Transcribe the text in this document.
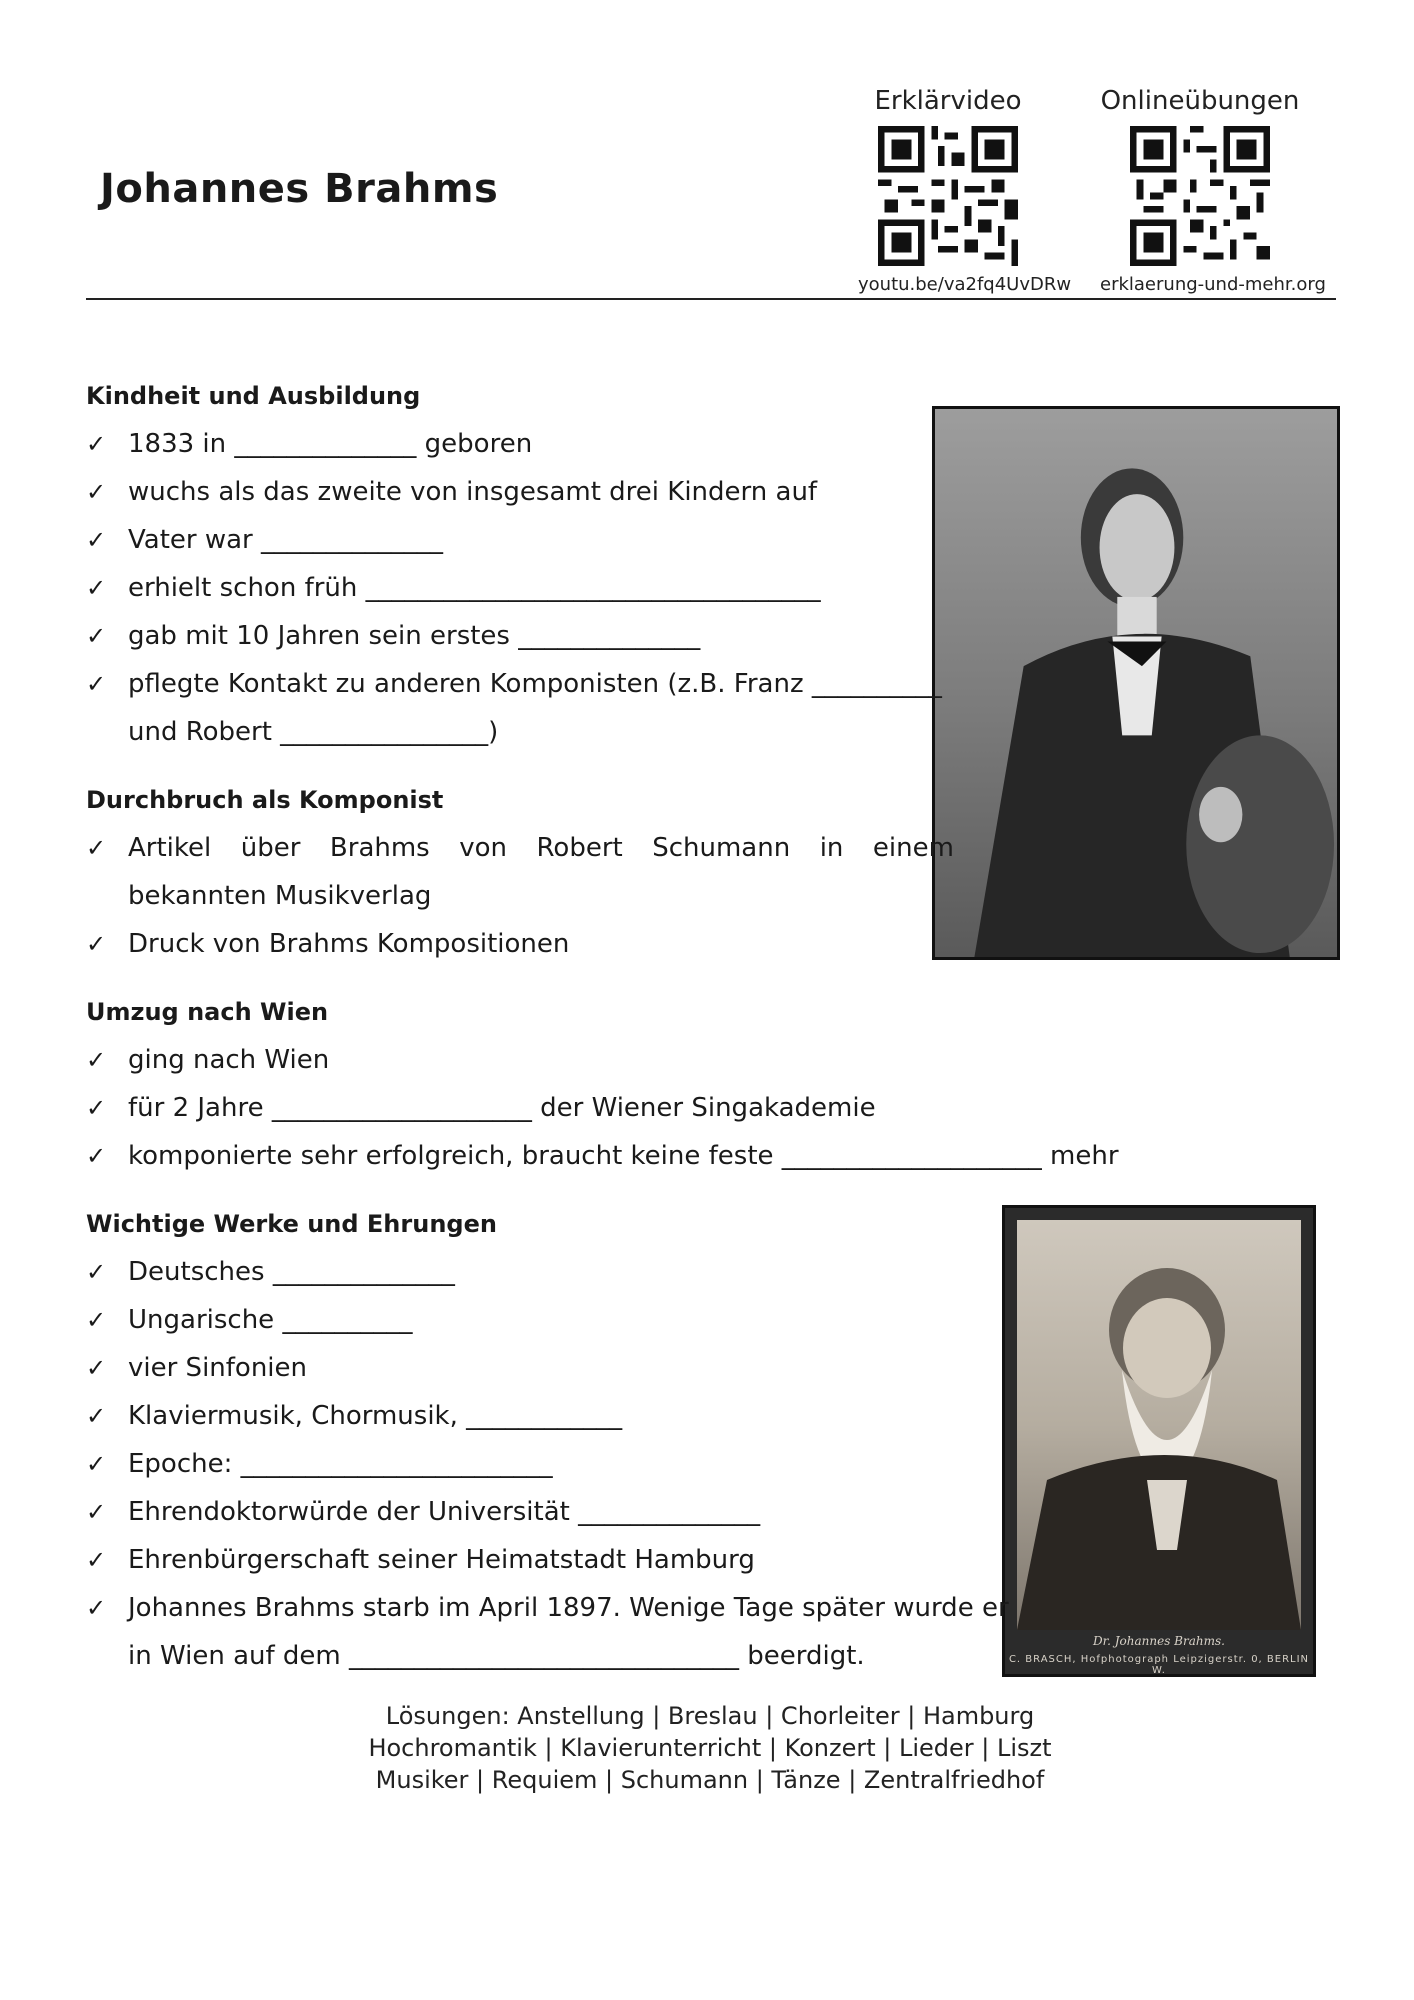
Johannes Brahms
Erklärvideo
youtu.be/va2fq4UvDRw
Onlineübungen
erklaerung-und-mehr.org
Dr. Johannes Brahms.
C. BRASCH, Hofphotograph Leipzigerstr. 0, BERLIN W.
Kindheit und Ausbildung
✓ 1833 in ______________ geboren
✓ wuchs als das zweite von insgesamt drei Kindern auf
✓ Vater war ______________
✓ erhielt schon früh ___________________________________
✓ gab mit 10 Jahren sein erstes ______________
✓ pflegte Kontakt zu anderen Komponisten (z.B. Franz __________
und Robert ________________)
Durchbruch als Komponist
✓ Artikel über Brahms von Robert Schumann in einem
bekannten Musikverlag
✓ Druck von Brahms Kompositionen
Umzug nach Wien
✓ ging nach Wien
✓ für 2 Jahre ____________________ der Wiener Singakademie
✓ komponierte sehr erfolgreich, braucht keine feste ____________________ mehr
Wichtige Werke und Ehrungen
✓ Deutsches ______________
✓ Ungarische __________
✓ vier Sinfonien
✓ Klaviermusik, Chormusik, ____________
✓ Epoche: ________________________
✓ Ehrendoktorwürde der Universität ______________
✓ Ehrenbürgerschaft seiner Heimatstadt Hamburg
✓ Johannes Brahms starb im April 1897. Wenige Tage später wurde er
in Wien auf dem ______________________________ beerdigt.
Lösungen: Anstellung | Breslau | Chorleiter | Hamburg
Hochromantik | Klavierunterricht | Konzert | Lieder | Liszt
Musiker | Requiem | Schumann | Tänze | Zentralfriedhof
